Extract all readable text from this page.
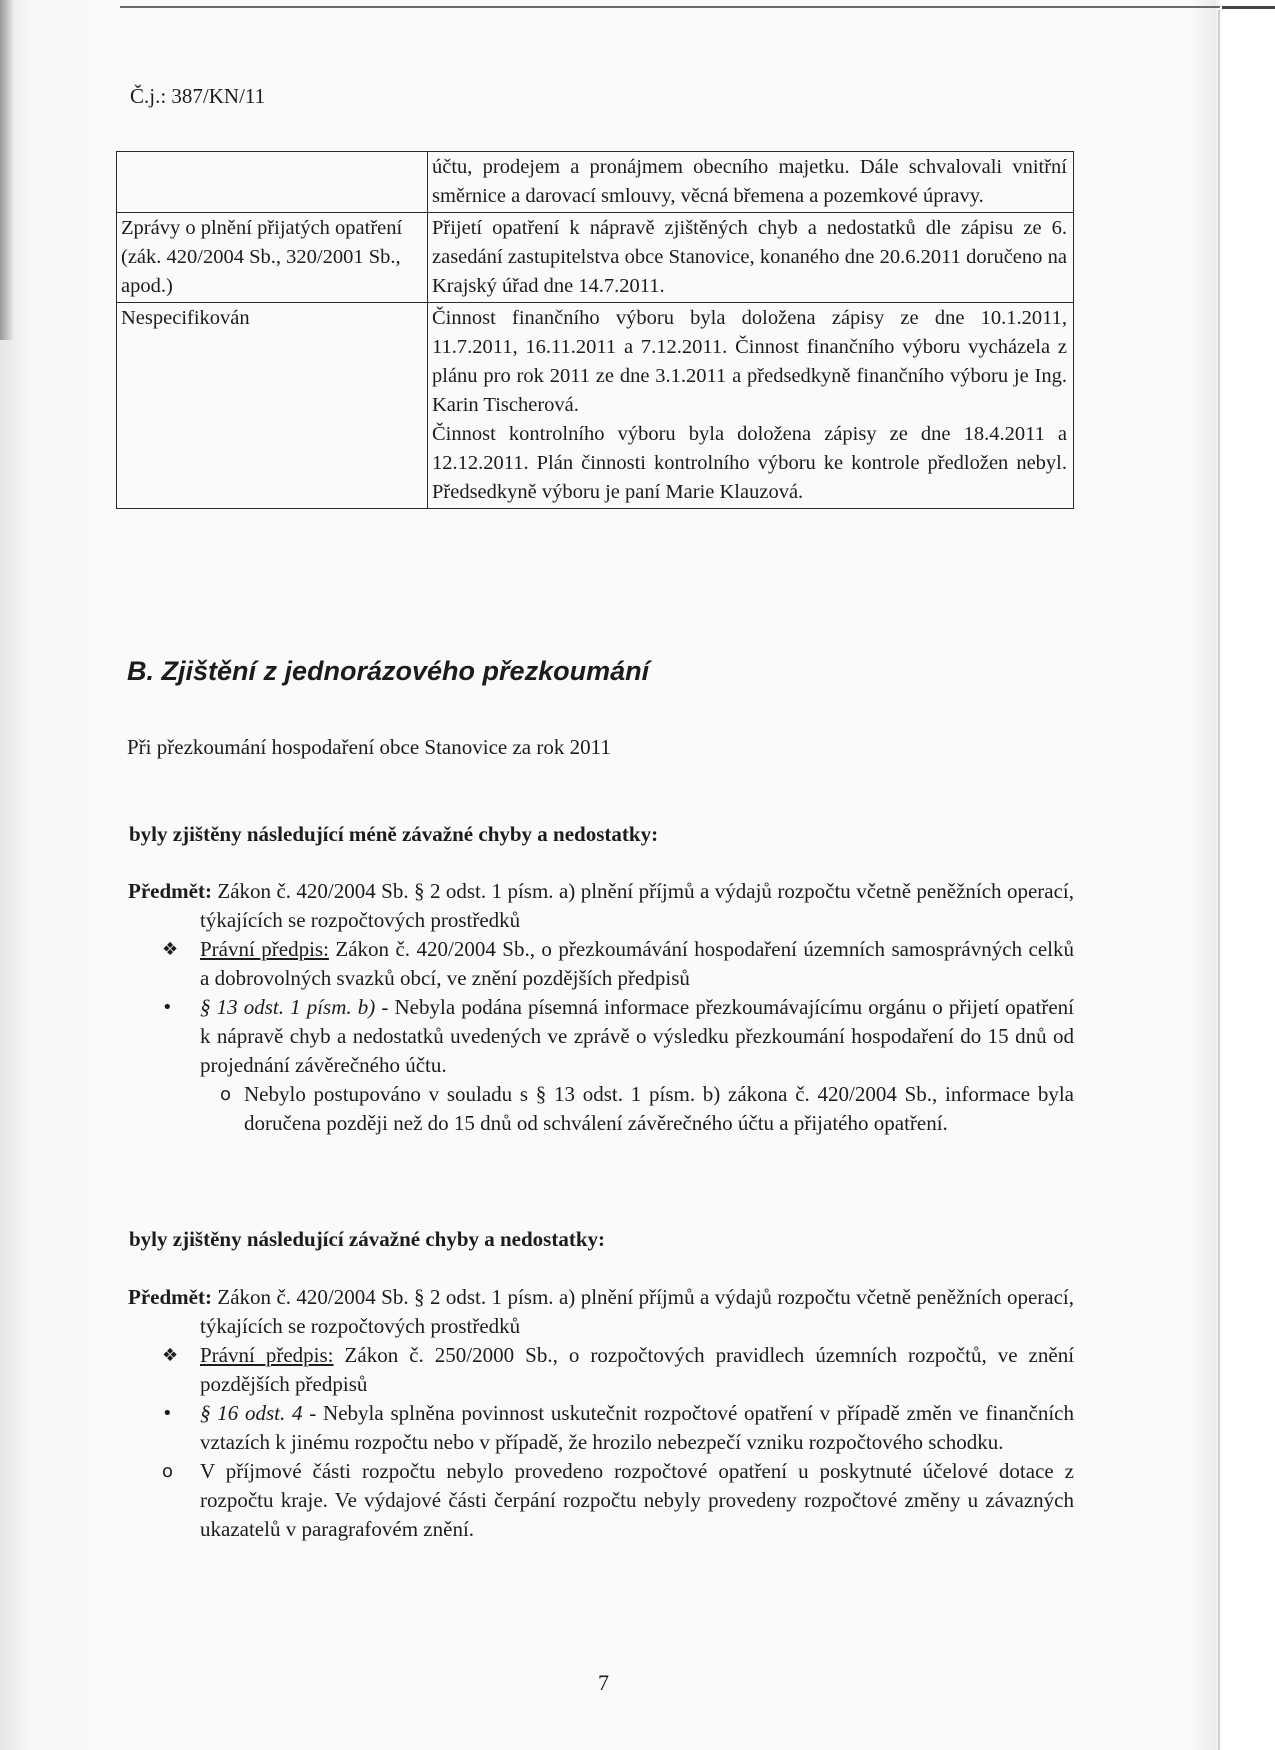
Č.j.: 387/KN/11
	účtu, prodejem a pronájmem obecního majetku. Dále schvalovali vnitřní směrnice a darovací smlouvy, věcná břemena a pozemkové úpravy.
Zprávy o plnění přijatých opatření (zák. 420/2004 Sb., 320/2001 Sb., apod.)	Přijetí opatření k nápravě zjištěných chyb a nedostatků dle zápisu ze 6. zasedání zastupitelstva obce Stanovice, konaného dne 20.6.2011 doručeno na Krajský úřad dne 14.7.2011.
Nespecifikován	Činnost finančního výboru byla doložena zápisy ze dne 10.1.2011, 11.7.2011, 16.11.2011 a 7.12.2011. Činnost finančního výboru vycházela z plánu pro rok 2011 ze dne 3.1.2011 a předsedkyně finančního výboru je Ing. Karin Tischerová.
Činnost kontrolního výboru byla doložena zápisy ze dne 18.4.2011 a 12.12.2011. Plán činnosti kontrolního výboru ke kontrole předložen nebyl. Předsedkyně výboru je paní Marie Klauzová.
B. Zjištění z jednorázového přezkoumání
Při přezkoumání hospodaření obce Stanovice za rok 2011
byly zjištěny následující méně závažné chyby a nedostatky:
Předmět: Zákon č. 420/2004 Sb. § 2 odst. 1 písm. a) plnění příjmů a výdajů rozpočtu včetně peněžních operací, týkajících se rozpočtových prostředků
❖ Právní předpis: Zákon č. 420/2004 Sb., o přezkoumávání hospodaření územních samosprávných celků a dobrovolných svazků obcí, ve znění pozdějších předpisů
• § 13 odst. 1 písm. b) - Nebyla podána písemná informace přezkoumávajícímu orgánu o přijetí opatření k nápravě chyb a nedostatků uvedených ve zprávě o výsledku přezkoumání hospodaření do 15 dnů od projednání závěrečného účtu.
o Nebylo postupováno v souladu s § 13 odst. 1 písm. b) zákona č. 420/2004 Sb., informace byla doručena později než do 15 dnů od schválení závěrečného účtu a přijatého opatření.
byly zjištěny následující závažné chyby a nedostatky:
Předmět: Zákon č. 420/2004 Sb. § 2 odst. 1 písm. a) plnění příjmů a výdajů rozpočtu včetně peněžních operací, týkajících se rozpočtových prostředků
❖ Právní předpis: Zákon č. 250/2000 Sb., o rozpočtových pravidlech územních rozpočtů, ve znění pozdějších předpisů
• § 16 odst. 4 - Nebyla splněna povinnost uskutečnit rozpočtové opatření v případě změn ve finančních vztazích k jinému rozpočtu nebo v případě, že hrozilo nebezpečí vzniku rozpočtového schodku.
o V příjmové části rozpočtu nebylo provedeno rozpočtové opatření u poskytnuté účelové dotace z rozpočtu kraje. Ve výdajové části čerpání rozpočtu nebyly provedeny rozpočtové změny u závazných ukazatelů v paragrafovém znění.
7
